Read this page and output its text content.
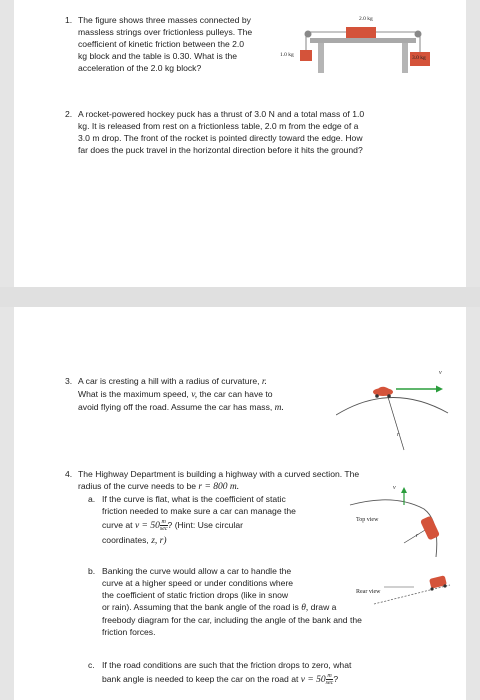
1. The figure shows three masses connected by
massless strings over frictionless pulleys. The
coefficient of kinetic friction between the 2.0
kg block and the table is 0.30. What is the
acceleration of the 2.0 kg block?
2.0 kg
1.0 kg	3.0 kg
2. A rocket-powered hockey puck has a thrust of 3.0 N and a total mass of 1.0
kg. It is released from rest on a frictionless table, 2.0 m from the edge of a
3.0 m drop. The front of the rocket is pointed directly toward the edge. How
far does the puck travel in the horizontal direction before it hits the ground?
3. A car is cresting a hill with a radius of curvature, r.
What is the maximum speed, v, the car can have to
avoid flying off the road. Assume the car has mass, m.
v
r
4. The Highway Department is building a highway with a curved section. The
radius of the curve needs to be r = 800 m.
a. If the curve is flat, what is the coefficient of static
friction needed to make sure a car can manage the
curve at $v = 50 \frac{m}{\sec}$ ? (Hint: Use circular
coordinates, z, r)
Top view
v
r
b. Banking the curve would allow a car to handle the
curve at a higher speed or under conditions where
the coefficient of static friction drops (like in snow
or rain). Assuming that the bank angle of the road is θ, draw a
freebody diagram for the car, including the angle of the bank and the
friction forces.
Rear view
c. If the road conditions are such that the friction drops to zero, what
bank angle is needed to keep the car on the road at $v = 50 \frac{m}{\sec}$ ?
